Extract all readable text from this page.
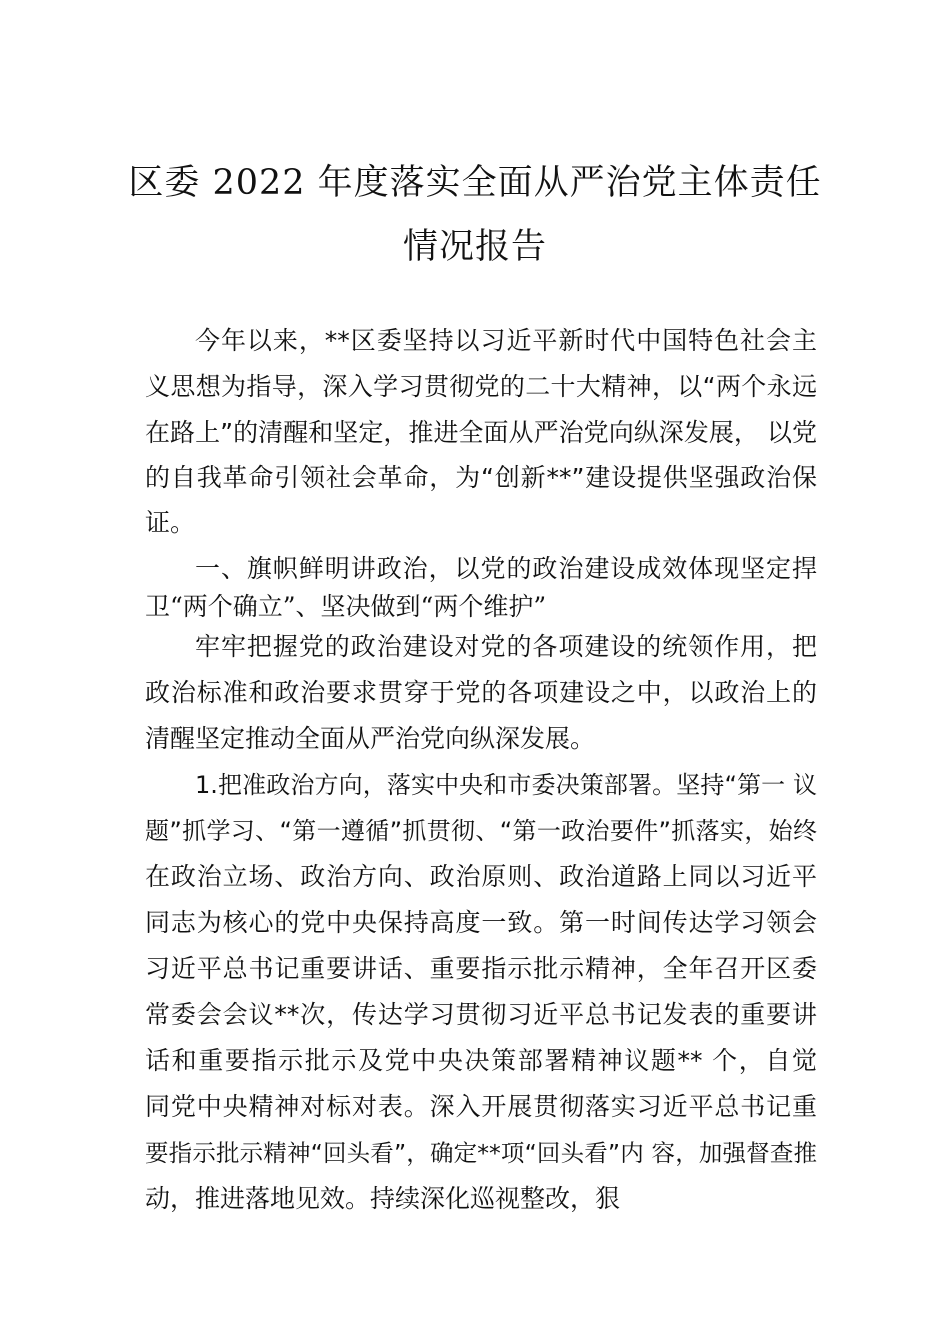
区委 2022 年度落实全面从严治党主体责任
情况报告
今年以来，**区委坚持以习近平新时代中国特色社会主
义思想为指导，深入学习贯彻党的二十大精神，以“两个永远
在路上”的清醒和坚定，推进全面从严治党向纵深发展， 以党
的自我革命引领社会革命，为“创新**”建设提供坚强政治保
证。
一、旗帜鲜明讲政治，以党的政治建设成效体现坚定捍
卫“两个确立”、坚决做到“两个维护”
牢牢把握党的政治建设对党的各项建设的统领作用，把
政治标准和政治要求贯穿于党的各项建设之中，以政治上的
清醒坚定推动全面从严治党向纵深发展。
1.把准政治方向，落实中央和市委决策部署。坚持“第一 议
题”抓学习、“第一遵循”抓贯彻、“第一政治要件”抓落实，始终
在政治立场、政治方向、政治原则、政治道路上同以习近平
同志为核心的党中央保持高度一致。第一时间传达学习领会
习近平总书记重要讲话、重要指示批示精神，全年召开区委
常委会会议**次，传达学习贯彻习近平总书记发表的重要讲
话和重要指示批示及党中央决策部署精神议题** 个，自觉
同党中央精神对标对表。深入开展贯彻落实习近平总书记重
要指示批示精神“回头看”，确定**项“回头看”内 容，加强督查推
动，推进落地见效。持续深化巡视整改，狠
